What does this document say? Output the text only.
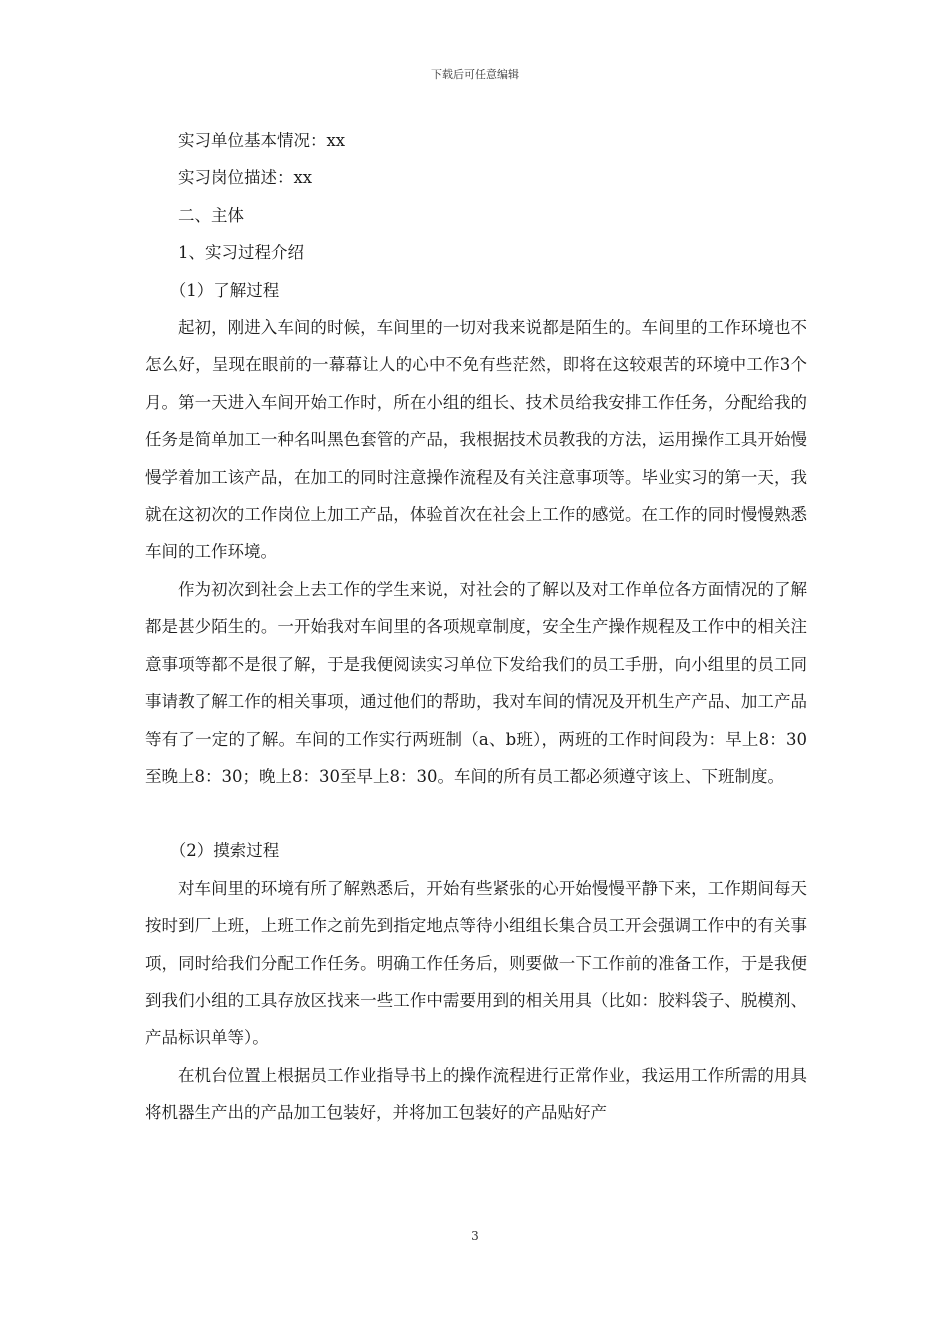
下载后可任意编辑

实习单位基本情况：xx

实习岗位描述：xx

二、主体

1、实习过程介绍

（1）了解过程

起初，刚进入车间的时候，车间里的一切对我来说都是陌生的。车间里的工作环境也不怎么好，呈现在眼前的一幕幕让人的心中不免有些茫然，即将在这较艰苦的环境中工作3个月。第一天进入车间开始工作时，所在小组的组长、技术员给我安排工作任务，分配给我的任务是简单加工一种名叫黑色套管的产品，我根据技术员教我的方法，运用操作工具开始慢慢学着加工该产品，在加工的同时注意操作流程及有关注意事项等。毕业实习的第一天，我就在这初次的工作岗位上加工产品，体验首次在社会上工作的感觉。在工作的同时慢慢熟悉车间的工作环境。

作为初次到社会上去工作的学生来说，对社会的了解以及对工作单位各方面情况的了解都是甚少陌生的。一开始我对车间里的各项规章制度，安全生产操作规程及工作中的相关注意事项等都不是很了解，于是我便阅读实习单位下发给我们的员工手册，向小组里的员工同事请教了解工作的相关事项，通过他们的帮助，我对车间的情况及开机生产产品、加工产品等有了一定的了解。车间的工作实行两班制（a、b班），两班的工作时间段为：早上8：30至晚上8：30；晚上8：30至早上8：30。车间的所有员工都必须遵守该上、下班制度。

（2）摸索过程

对车间里的环境有所了解熟悉后，开始有些紧张的心开始慢慢平静下来，工作期间每天按时到厂上班，上班工作之前先到指定地点等待小组组长集合员工开会强调工作中的有关事项，同时给我们分配工作任务。明确工作任务后，则要做一下工作前的准备工作，于是我便到我们小组的工具存放区找来一些工作中需要用到的相关用具（比如：胶料袋子、脱模剂、产品标识单等）。

在机台位置上根据员工作业指导书上的操作流程进行正常作业，我运用工作所需的用具将机器生产出的产品加工包装好，并将加工包装好的产品贴好产

3
